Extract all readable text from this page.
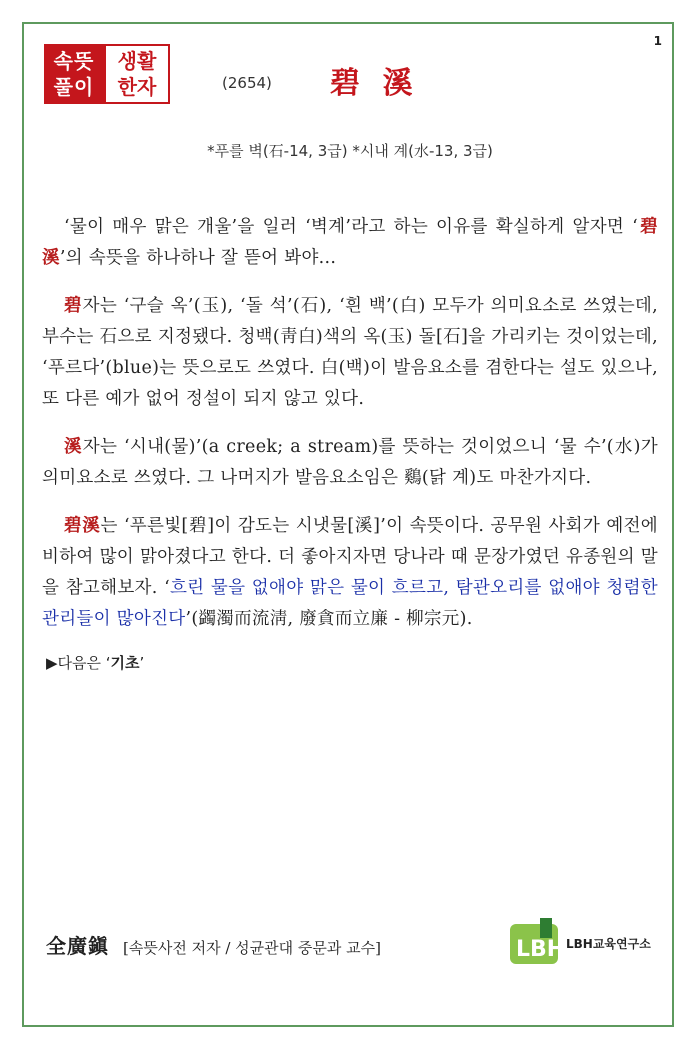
1
속뜻
풀이
생활
한자	(2654) 碧 溪
*푸를 벽(石-14, 3급) *시내 계(水-13, 3급)

‘물이 매우 맑은 개울’을 일러 ‘벽계’라고 하는 이유를 확실하게 알자면 ‘碧溪’의 속뜻을 하나하나 잘 뜯어 봐야...

碧자는 ‘구슬 옥’(玉), ‘돌 석’(石), ‘흰 백’(白) 모두가 의미요소로 쓰였는데, 부수는 石으로 지정됐다. 청백(靑白)색의 옥(玉) 돌[石]을 가리키는 것이었는데, ‘푸르다’(blue)는 뜻으로도 쓰였다. 白(백)이 발음요소를 겸한다는 설도 있으나, 또 다른 예가 없어 정설이 되지 않고 있다.

溪자는 ‘시내(물)’(a creek; a stream)를 뜻하는 것이었으니 ‘물 수’(水)가 의미요소로 쓰였다. 그 나머지가 발음요소임은 鷄(닭 계)도 마찬가지다.

碧溪는 ‘푸른빛[碧]이 감도는 시냇물[溪]’이 속뜻이다. 공무원 사회가 예전에 비하여 많이 맑아졌다고 한다. 더 좋아지자면 당나라 때 문장가였던 유종원의 말을 참고해보자. ‘흐린 물을 없애야 맑은 물이 흐르고, 탐관오리를 없애야 청렴한 관리들이 많아진다’(蠲濁而流淸, 廢貪而立廉 - 柳宗元).

▶다음은 ‘기초’

全廣鎭 [속뜻사전 저자 / 성균관대 중문과 교수]	LBH LBH교육연구소
